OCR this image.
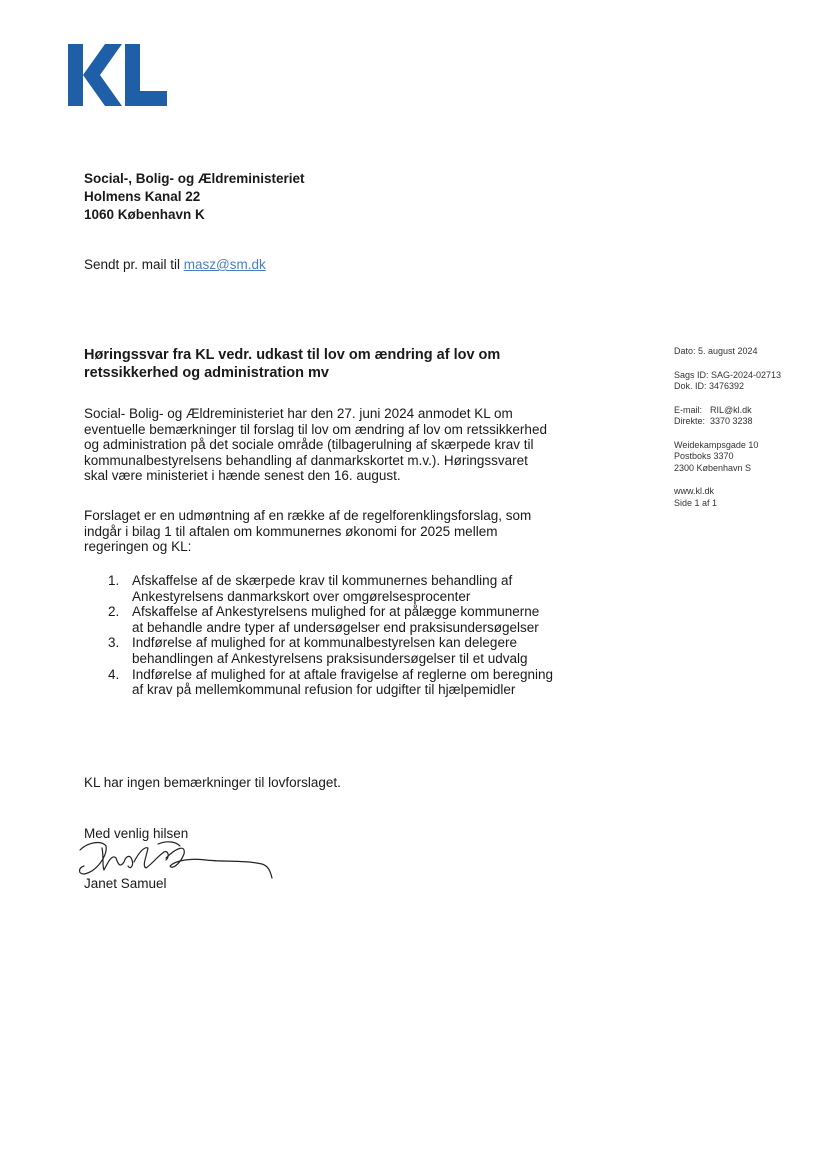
Social-, Bolig- og Ældreministeriet
Holmens Kanal 22
1060 København K
Sendt pr. mail til masz@sm.dk
Høringssvar fra KL vedr. udkast til lov om ændring af lov om retssikkerhed og administration mv
Social- Bolig- og Ældreministeriet har den 27. juni 2024 anmodet KL om eventuelle bemærkninger til forslag til lov om ændring af lov om retssikkerhed og administration på det sociale område (tilbagerulning af skærpede krav til kommunalbestyrelsens behandling af danmarkskortet m.v.). Høringssvaret skal være ministeriet i hænde senest den 16. august.
Forslaget er en udmøntning af en række af de regelforenklingsforslag, som indgår i bilag 1 til aftalen om kommunernes økonomi for 2025 mellem regeringen og KL:
1. Afskaffelse af de skærpede krav til kommunernes behandling af Ankestyrelsens danmarkskort over omgørelsesprocenter
2. Afskaffelse af Ankestyrelsens mulighed for at pålægge kommunerne at behandle andre typer af undersøgelser end praksisundersøgelser
3. Indførelse af mulighed for at kommunalbestyrelsen kan delegere behandlingen af Ankestyrelsens praksisundersøgelser til et udvalg
4. Indførelse af mulighed for at aftale fravigelse af reglerne om beregning af krav på mellemkommunal refusion for udgifter til hjælpemidler
KL har ingen bemærkninger til lovforslaget.
Med venlig hilsen
Janet Samuel
Dato: 5. august 2024
Sags ID: SAG-2024-02713
Dok. ID: 3476392
E-mail: RIL@kl.dk
Direkte: 3370 3238
Weidekampsgade 10
Postboks 3370
2300 København S
www.kl.dk
Side 1 af 1
